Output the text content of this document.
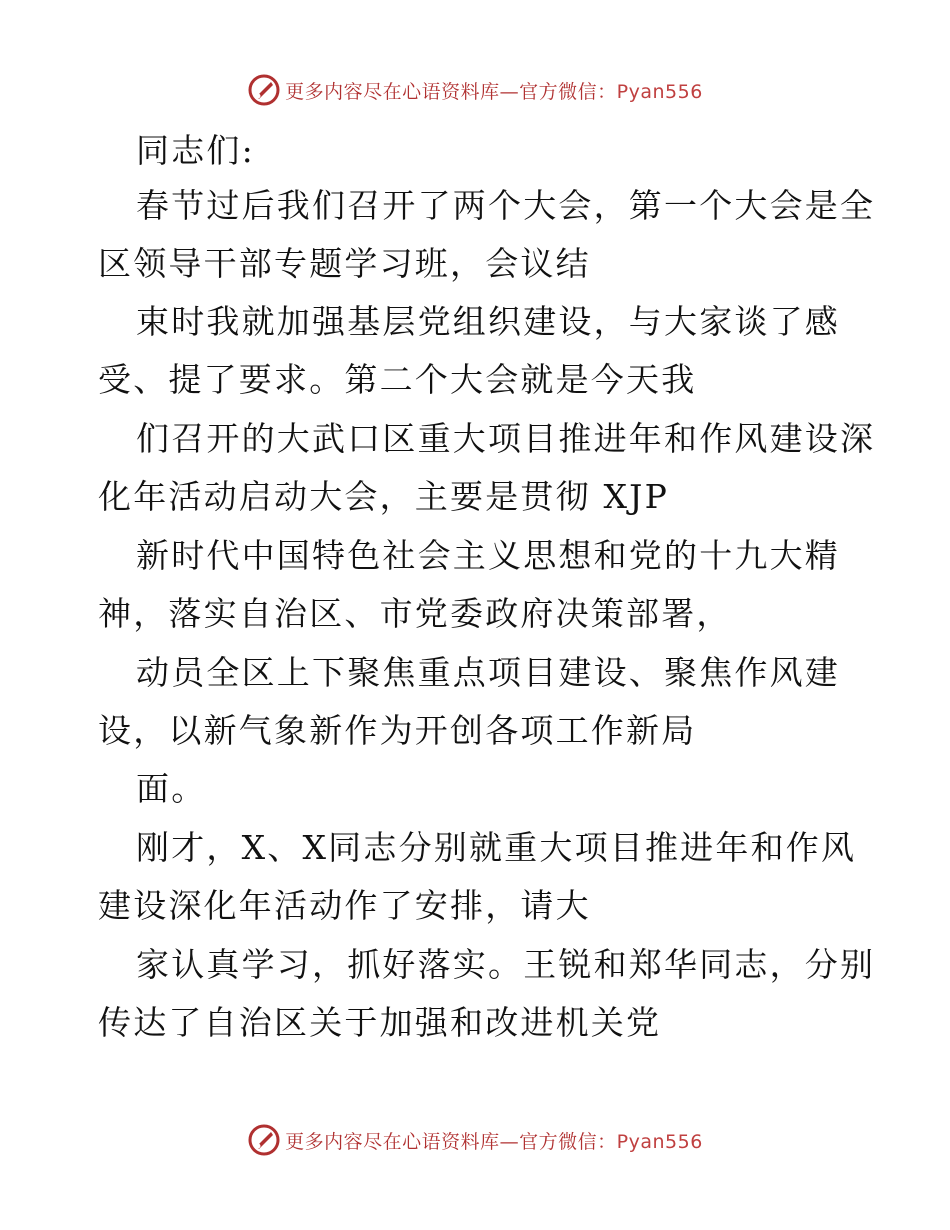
更多内容尽在心语资料库—官方微信：Pyan556
同志们:
春节过后我们召开了两个大会，第一个大会是全
区领导干部专题学习班，会议结
束时我就加强基层党组织建设，与大家谈了感
受、提了要求。第二个大会就是今天我
们召开的大武口区重大项目推进年和作风建设深
化年活动启动大会，主要是贯彻 XJP
新时代中国特色社会主义思想和党的十九大精
神，落实自治区、市党委政府决策部署，
动员全区上下聚焦重点项目建设、聚焦作风建
设，以新气象新作为开创各项工作新局
面。
刚才，X、X同志分别就重大项目推进年和作风
建设深化年活动作了安排，请大
家认真学习，抓好落实。王锐和郑华同志，分别
传达了自治区关于加强和改进机关党
更多内容尽在心语资料库—官方微信：Pyan556
